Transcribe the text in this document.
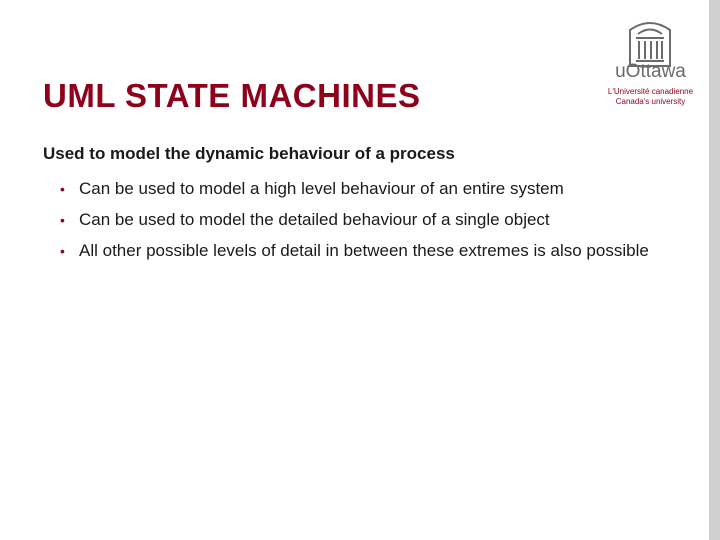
UML STATE MACHINES

Used to model the dynamic behaviour of a process

• Can be used to model a high level behaviour of an entire system
• Can be used to model the detailed behaviour of a single object
• All other possible levels of detail in between these extremes is also possible
uOttawa
L'Université canadienne
Canada's university
